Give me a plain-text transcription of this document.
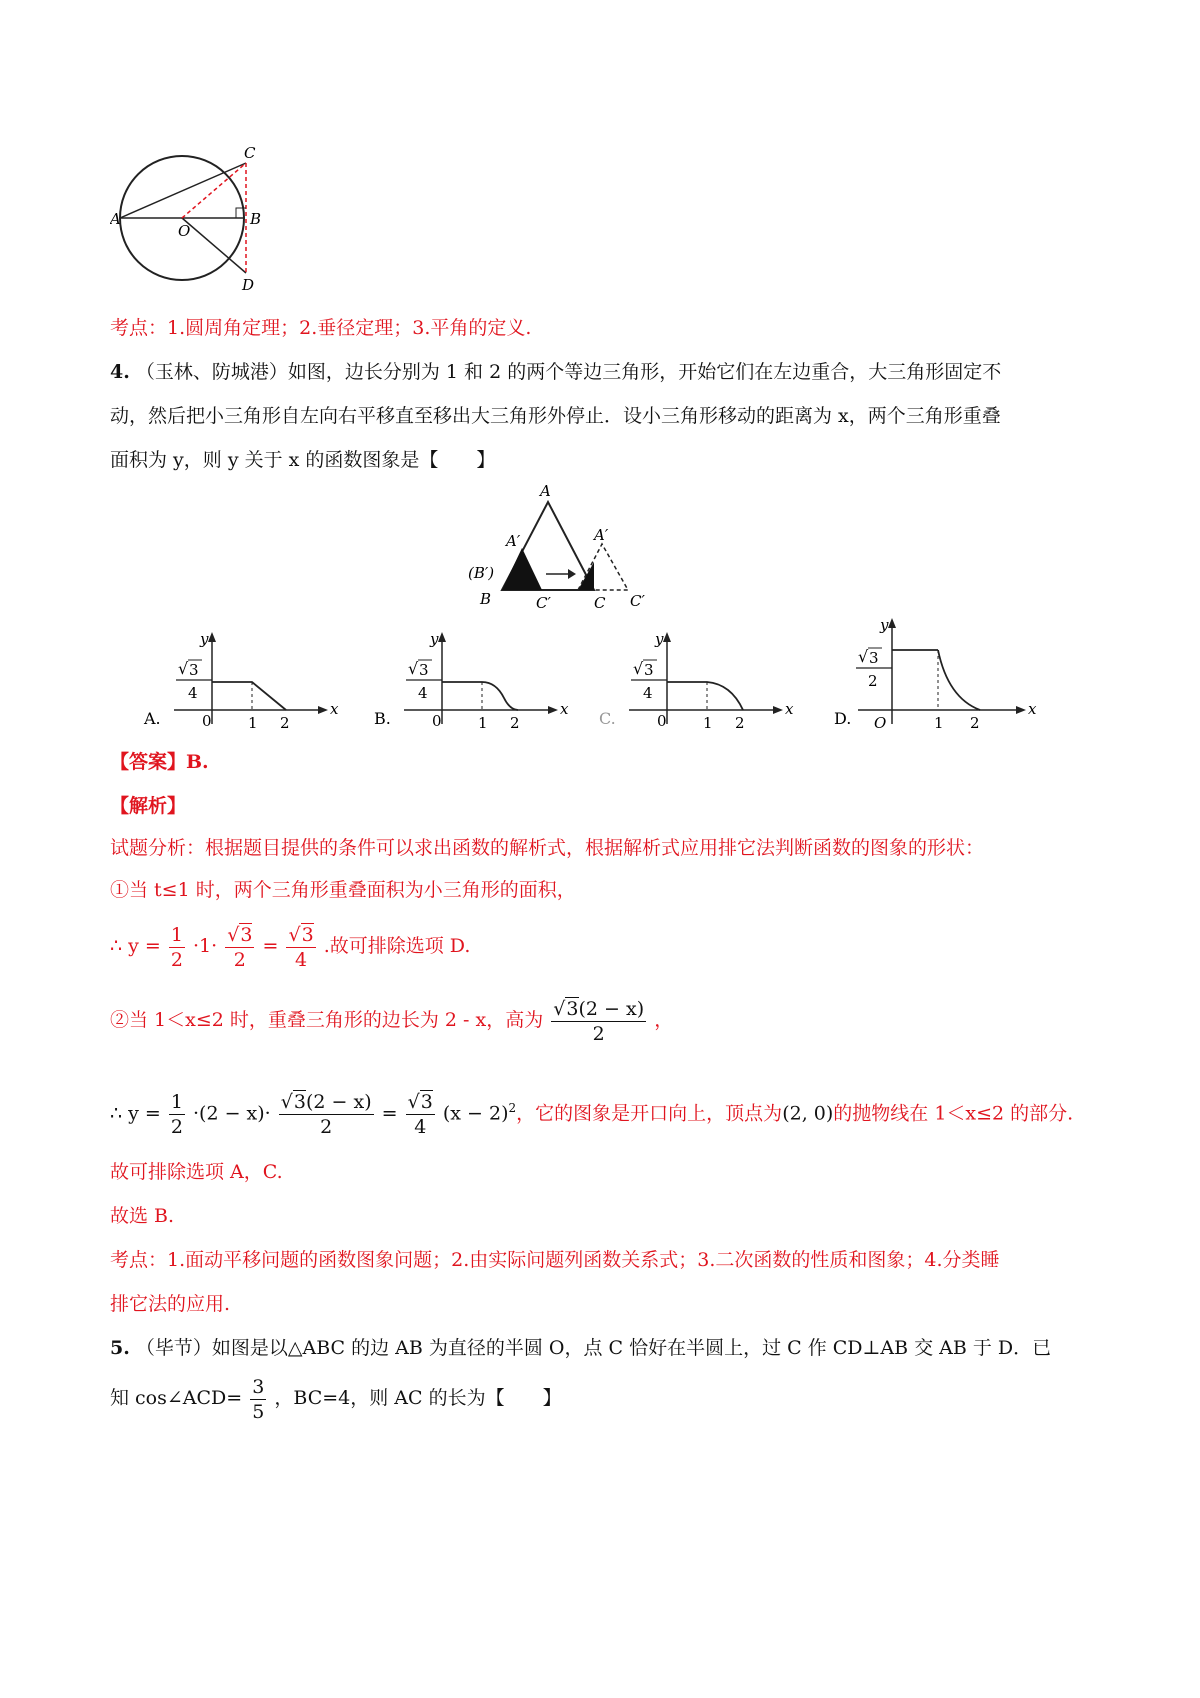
A	B
C
D
O
考点：1.圆周角定理；2.垂径定理；3.平角的定义.
4. （玉林、防城港）如图，边长分别为 1 和 2 的两个等边三角形，开始它们在左边重合，大三角形固定不
动，然后把小三角形自左向右平移直至移出大三角形外停止．设小三角形移动的距离为 x，两个三角形重叠
面积为 y，则 y 关于 x 的函数图象是【　　】
A
A′	A′
(B′)
B	C′	C C′
A.
y
x
√ 3
4
0 1 2	B.
y
x
√ 3
4
0 1 2	C.
y
x
√ 3
4
0 1 2	D.
y
x
√ 3
2
O	1 2
【答案】B.
【解析】
试题分析：根据题目提供的条件可以求出函数的解析式，根据解析式应用排它法判断函数的图象的形状：
①当 t≤1 时，两个三角形重叠面积为小三角形的面积，
∴ $y = \frac{1}{2} \cdot 1\cdot \frac{√3}{2} = \frac{√3}{4}$ .故可排除选项 D.
②当 1＜x≤2 时，重叠三角形的边长为 2 - x，高为 $\frac{√3(2 - x)}{2}$ ，
∴ $y = \frac{1}{2} \cdot(2 - x)\cdot \frac{√3(2 - x)}{2} = \frac{√3}{4} (x - 2)^2$，它的图象是开口向上，顶点为(2, 0)的抛物线在 1＜x≤2 的部分.
故可排除选项 A，C.
故选 B.
考点：1.面动平移问题的函数图象问题；2.由实际问题列函数关系式；3.二次函数的性质和图象；4.分类睡
排它法的应用.
5. （毕节）如图是以△ABC 的边 AB 为直径的半圆 O，点 C 恰好在半圆上，过 C 作 CD⊥AB 交 AB 于 D．已
知 cos∠ACD= $\frac{3}{5}$ ，BC=4，则 AC 的长为【　　】
